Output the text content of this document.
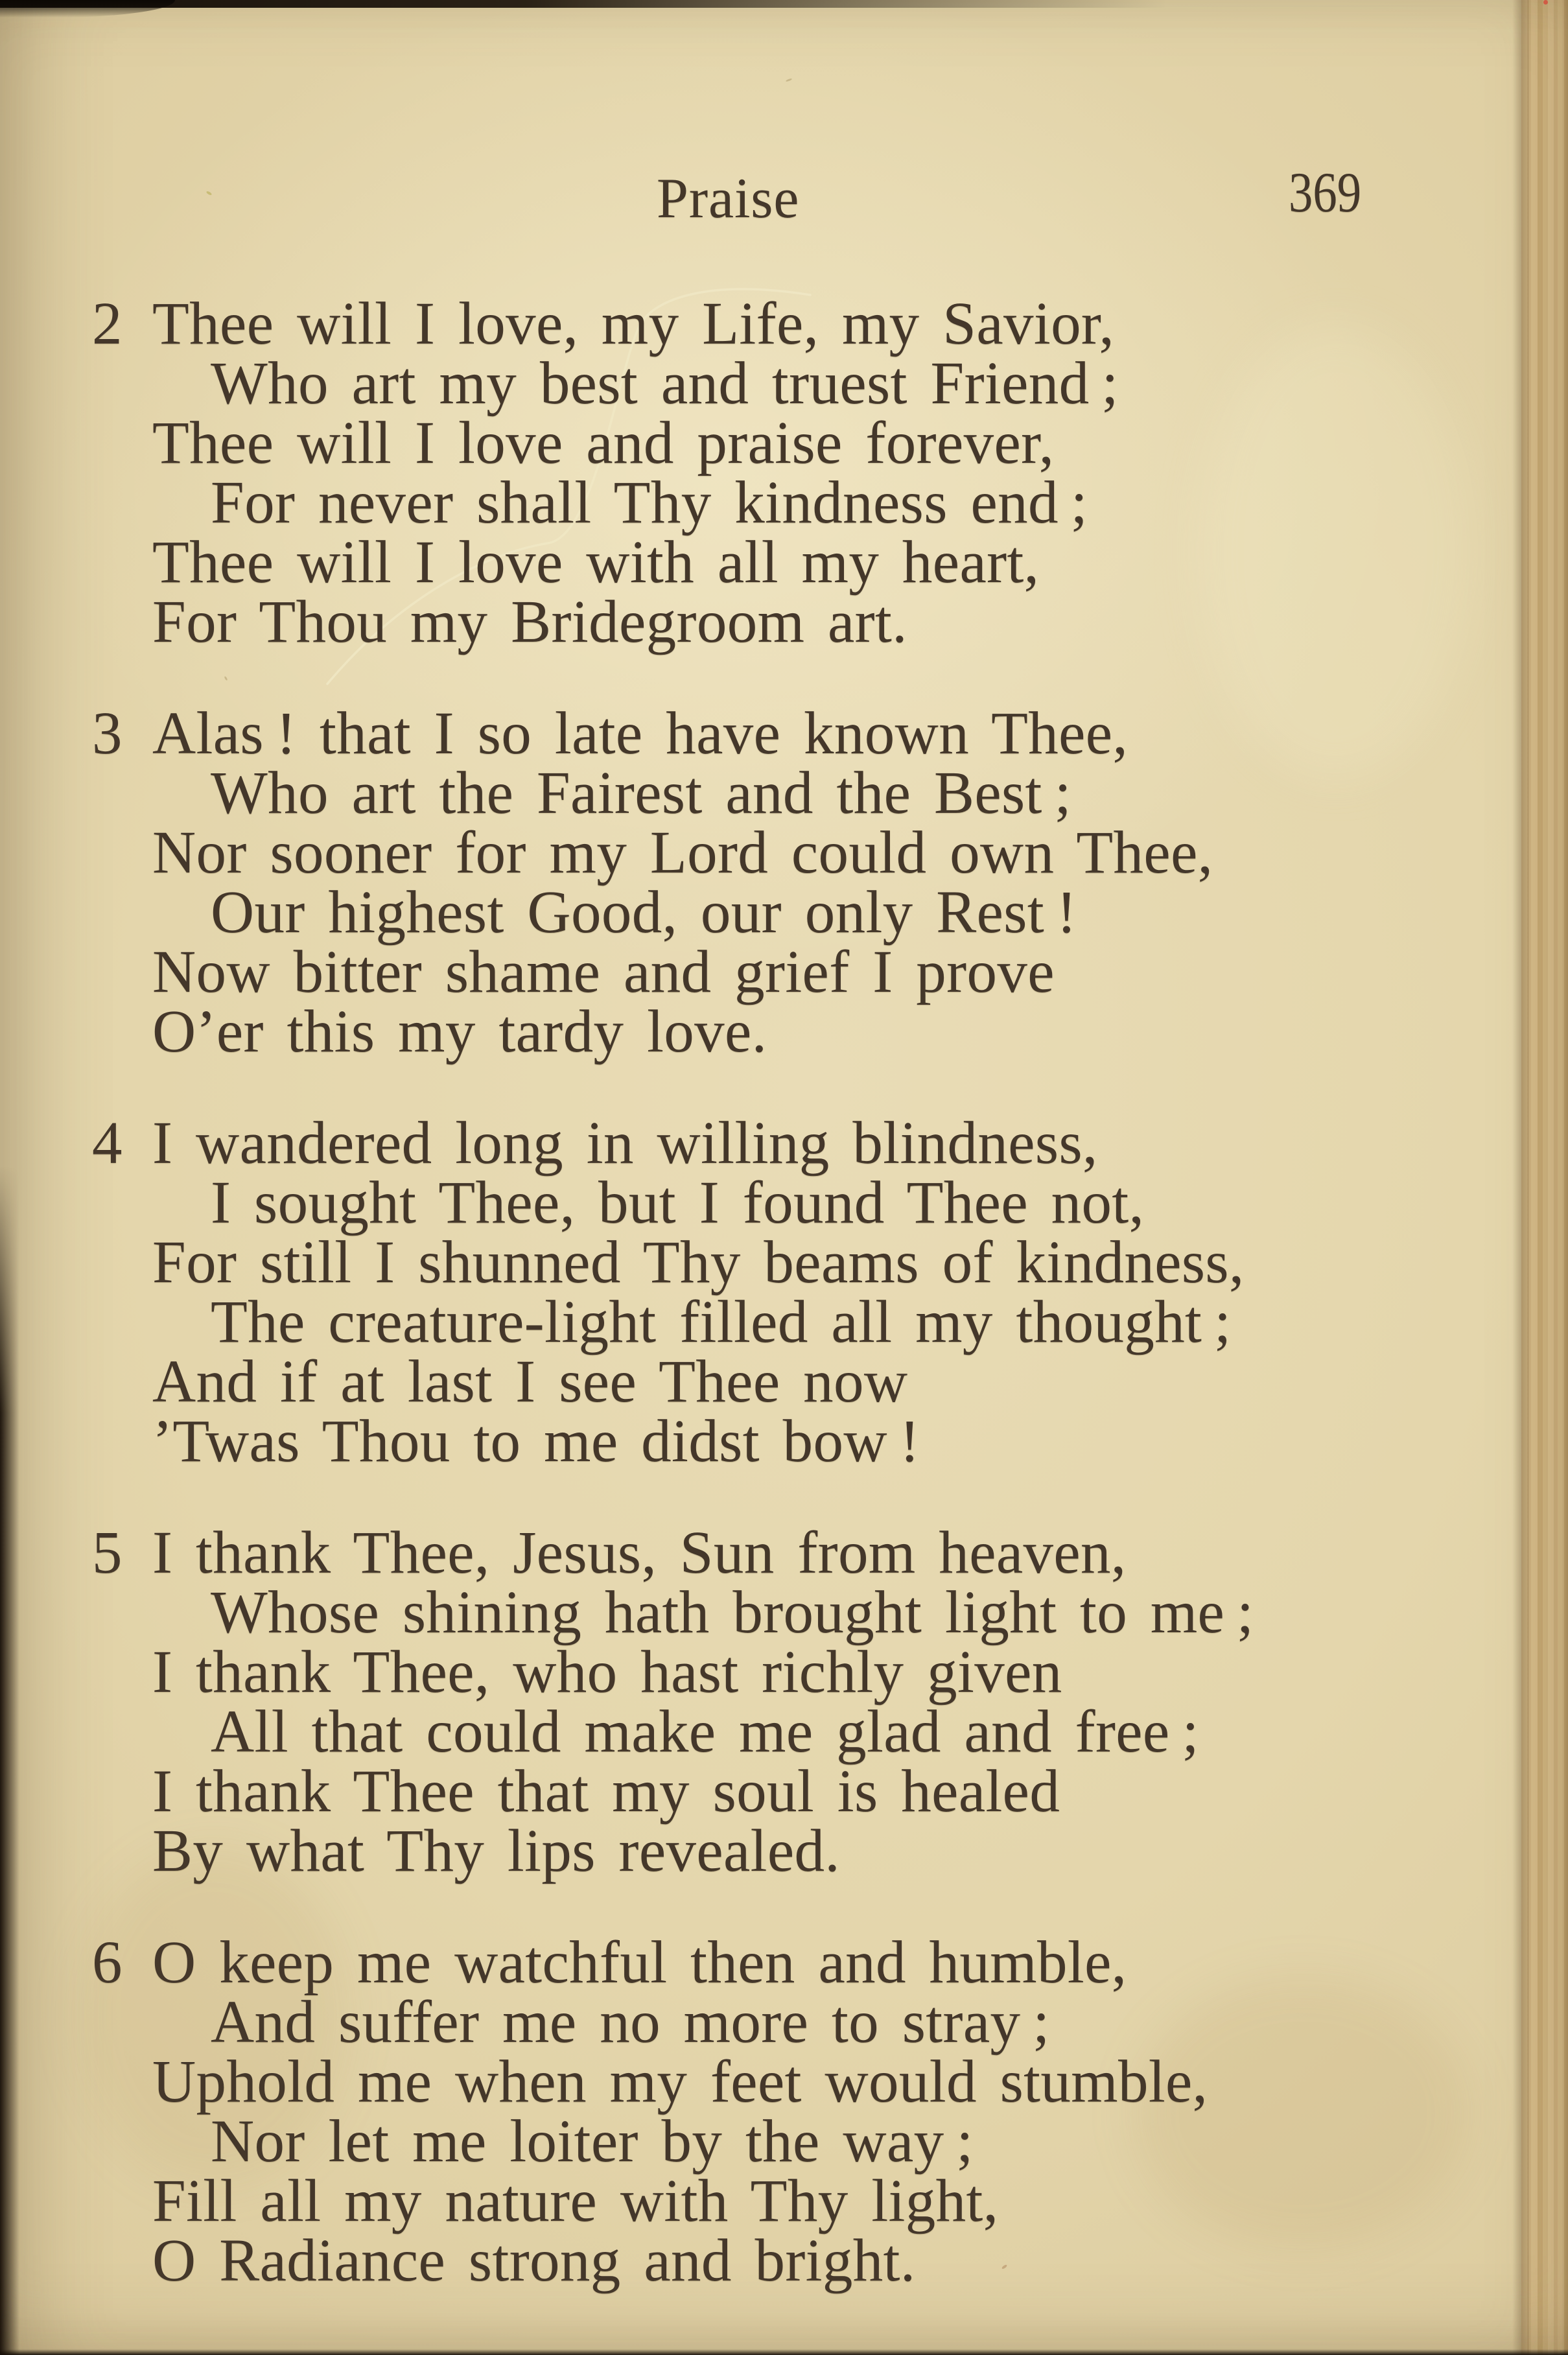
Praise	369
2 Thee will I love, my Life, my Savior,
Who art my best and truest Friend ;
Thee will I love and praise forever,
For never shall Thy kindness end ;
Thee will I love with all my heart,
For Thou my Bridegroom art.
3 Alas ! that I so late have known Thee,
Who art the Fairest and the Best ;
Nor sooner for my Lord could own Thee,
Our highest Good, our only Rest !
Now bitter shame and grief I prove
O’er this my tardy love.
4 I wandered long in willing blindness,
I sought Thee, but I found Thee not,
For still I shunned Thy beams of kindness,
The creature-light filled all my thought ;
And if at last I see Thee now
’Twas Thou to me didst bow !
5 I thank Thee, Jesus, Sun from heaven,
Whose shining hath brought light to me ;
I thank Thee, who hast richly given
All that could make me glad and free ;
I thank Thee that my soul is healed
By what Thy lips revealed.
6 O keep me watchful then and humble,
And suffer me no more to stray ;
Uphold me when my feet would stumble,
Nor let me loiter by the way ;
Fill all my nature with Thy light,
O Radiance strong and bright.
